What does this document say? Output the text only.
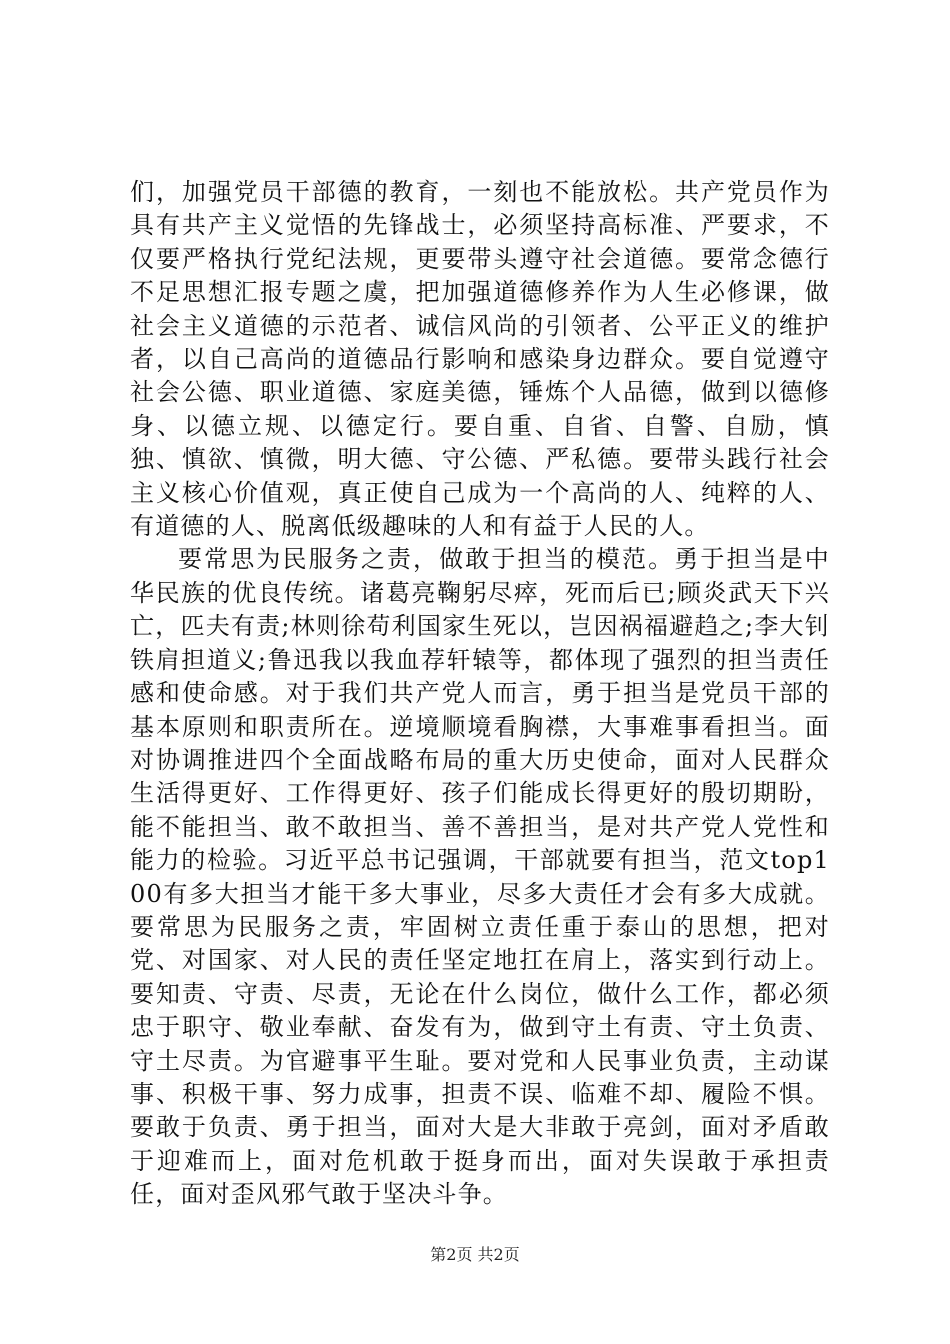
们，加强党员干部德的教育，一刻也不能放松。共产党员作为具有共产主义觉悟的先锋战士，必须坚持高标准、严要求，不仅要严格执行党纪法规，更要带头遵守社会道德。要常念德行不足思想汇报专题之虞，把加强道德修养作为人生必修课，做社会主义道德的示范者、诚信风尚的引领者、公平正义的维护者，以自己高尚的道德品行影响和感染身边群众。要自觉遵守社会公德、职业道德、家庭美德，锤炼个人品德，做到以德修身、以德立规、以德定行。要自重、自省、自警、自励，慎独、慎欲、慎微，明大德、守公德、严私德。要带头践行社会主义核心价值观，真正使自己成为一个高尚的人、纯粹的人、有道德的人、脱离低级趣味的人和有益于人民的人。

要常思为民服务之责，做敢于担当的模范。勇于担当是中华民族的优良传统。诸葛亮鞠躬尽瘁，死而后已;顾炎武天下兴亡，匹夫有责;林则徐苟利国家生死以，岂因祸福避趋之;李大钊铁肩担道义;鲁迅我以我血荐轩辕等，都体现了强烈的担当责任感和使命感。对于我们共产党人而言，勇于担当是党员干部的基本原则和职责所在。逆境顺境看胸襟，大事难事看担当。面对协调推进四个全面战略布局的重大历史使命，面对人民群众生活得更好、工作得更好、孩子们能成长得更好的殷切期盼，能不能担当、敢不敢担当、善不善担当，是对共产党人党性和能力的检验。习近平总书记强调，干部就要有担当，范文top100有多大担当才能干多大事业，尽多大责任才会有多大成就。要常思为民服务之责，牢固树立责任重于泰山的思想，把对党、对国家、对人民的责任坚定地扛在肩上，落实到行动上。要知责、守责、尽责，无论在什么岗位，做什么工作，都必须忠于职守、敬业奉献、奋发有为，做到守土有责、守土负责、守土尽责。为官避事平生耻。要对党和人民事业负责，主动谋事、积极干事、努力成事，担责不误、临难不却、履险不惧。要敢于负责、勇于担当，面对大是大非敢于亮剑，面对矛盾敢于迎难而上，面对危机敢于挺身而出，面对失误敢于承担责任，面对歪风邪气敢于坚决斗争。

第2页 共2页
